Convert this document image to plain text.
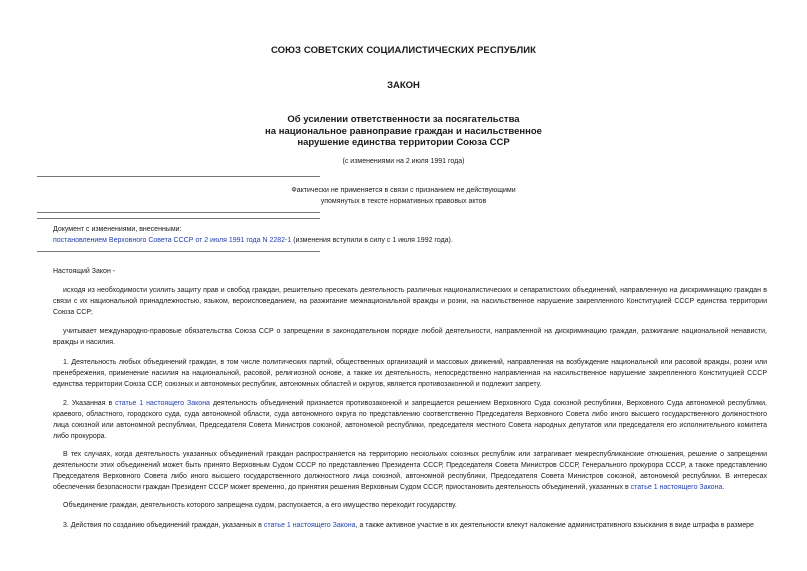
СОЮЗ СОВЕТСКИХ СОЦИАЛИСТИЧЕСКИХ РЕСПУБЛИК
ЗАКОН
Об усилении ответственности за посягательства
на национальное равноправие граждан и насильственное
нарушение единства территории Союза ССР
(с изменениями на 2 июля 1991 года)
Фактически не применяется в связи с признанием не действующими
упомянутых в тексте нормативных правовых актов
Документ с изменениями, внесенными:
постановлением Верховного Совета СССР от 2 июля 1991 года N 2282-1 (изменения вступили в силу с 1 июля 1992 года).
Настоящий Закон -
исходя из необходимости усилить защиту прав и свобод граждан, решительно пресекать деятельность различных националистических и сепаратистских объединений, направленную на дискриминацию граждан в связи с их национальной принадлежностью, языком, вероисповеданием, на разжигание межнациональной вражды и розни, на насильственное нарушение закрепленного Конституцией СССР единства территории Союза ССР;
учитывает международно-правовые обязательства Союза ССР о запрещении в законодательном порядке любой деятельности, направленной на дискриминацию граждан, разжигание национальной ненависти, вражды и насилия.
1. Деятельность любых объединений граждан, в том числе политических партий, общественных организаций и массовых движений, направленная на возбуждение национальной или расовой вражды, розни или пренебрежения, применение насилия на национальной, расовой, религиозной основе, а также их деятельность, непосредственно направленная на насильственное нарушение закрепленного Конституцией СССР единства территории Союза ССР, союзных и автономных республик, автономных областей и округов, является противозаконной и подлежит запрету.
2. Указанная в статье 1 настоящего Закона деятельность объединений признается противозаконной и запрещается решением Верховного Суда союзной республики, Верховного Суда автономной республики, краевого, областного, городского суда, суда автономной области, суда автономного округа по представлению соответственно Председателя Верховного Совета либо иного высшего государственного должностного лица союзной или автономной республики, Председателя Совета Министров союзной, автономной республики, председателя местного Совета народных депутатов или председателя его исполнительного комитета либо прокурора.
В тех случаях, когда деятельность указанных объединений граждан распространяется на территорию нескольких союзных республик или затрагивает межреспубликанские отношения, решение о запрещении деятельности этих объединений может быть принято Верховным Судом СССР по представлению Президента СССР, Председателя Совета Министров СССР, Генерального прокурора СССР, а также представлению Председателя Верховного Совета либо иного высшего государственного должностного лица союзной, автономной республики, Председателя Совета Министров союзной, автономной республики. В интересах обеспечения безопасности граждан Президент СССР может временно, до принятия решения Верховным Судом СССР, приостановить деятельность объединений, указанных в статье 1 настоящего Закона.
Объединение граждан, деятельность которого запрещена судом, распускается, а его имущество переходит государству.
3. Действия по созданию объединений граждан, указанных в статье 1 настоящего Закона, а также активное участие в их деятельности влекут наложение административного взыскания в виде штрафа в размере
